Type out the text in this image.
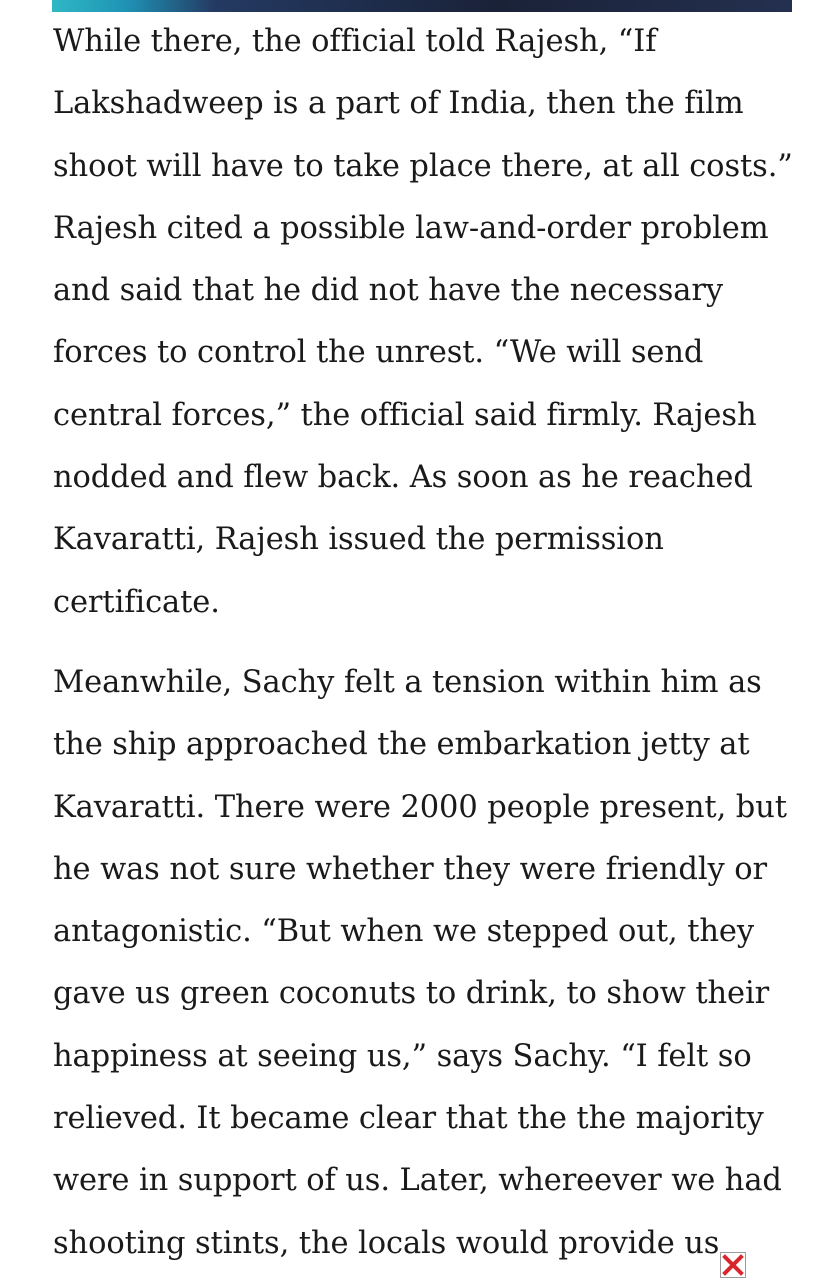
While there, the official told Rajesh, “If
Lakshadweep is a part of India, then the film
shoot will have to take place there, at all costs.”
Rajesh cited a possible law-and-order problem
and said that he did not have the necessary
forces to control the unrest. “We will send
central forces,” the official said firmly. Rajesh
nodded and flew back. As soon as he reached
Kavaratti, Rajesh issued the permission
certificate.

Meanwhile, Sachy felt a tension within him as
the ship approached the embarkation jetty at
Kavaratti. There were 2000 people present, but
he was not sure whether they were friendly or
antagonistic. “But when we stepped out, they
gave us green coconuts to drink, to show their
happiness at seeing us,” says Sachy. “I felt so
relieved. It became clear that the the majority
were in support of us. Later, whereever we had
shooting stints, the locals would provide us
